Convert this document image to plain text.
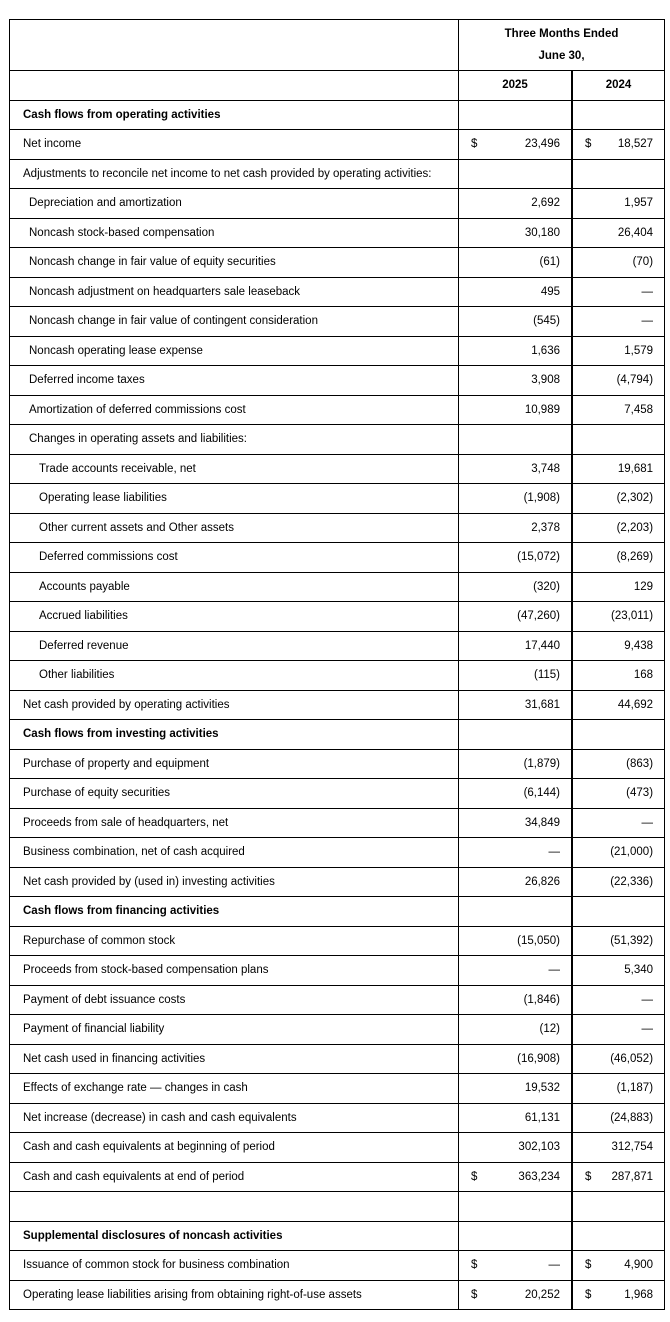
	Three Months Ended
June 30,	

	2025		2024
Cash flows from operating activities			
Net income	$ 23,496		$ 18,527
Adjustments to reconcile net income to net cash provided by operating activities:			
Depreciation and amortization	2,692		1,957
Noncash stock-based compensation	30,180		26,404
Noncash change in fair value of equity securities	(61)		(70)
Noncash adjustment on headquarters sale leaseback	495		—
Noncash change in fair value of contingent consideration	(545)		—
Noncash operating lease expense	1,636		1,579
Deferred income taxes	3,908		(4,794)
Amortization of deferred commissions cost	10,989		7,458
Changes in operating assets and liabilities:			
Trade accounts receivable, net	3,748		19,681
Operating lease liabilities	(1,908)		(2,302)
Other current assets and Other assets	2,378		(2,203)
Deferred commissions cost	(15,072)		(8,269)
Accounts payable	(320)		129
Accrued liabilities	(47,260)		(23,011)
Deferred revenue	17,440		9,438
Other liabilities	(115)		168
Net cash provided by operating activities	31,681		44,692
Cash flows from investing activities			
Purchase of property and equipment	(1,879)		(863)
Purchase of equity securities	(6,144)		(473)
Proceeds from sale of headquarters, net	34,849		—
Business combination, net of cash acquired	—		(21,000)
Net cash provided by (used in) investing activities	26,826		(22,336)
Cash flows from financing activities			
Repurchase of common stock	(15,050)		(51,392)
Proceeds from stock-based compensation plans	—		5,340
Payment of debt issuance costs	(1,846)		—
Payment of financial liability	(12)		—
Net cash used in financing activities	(16,908)		(46,052)
Effects of exchange rate — changes in cash	19,532		(1,187)
Net increase (decrease) in cash and cash equivalents	61,131		(24,883)
Cash and cash equivalents at beginning of period	302,103		312,754
Cash and cash equivalents at end of period	$ 363,234		$ 287,871

Supplemental disclosures of noncash activities			
Issuance of common stock for business combination	$ —		$ 4,900
Operating lease liabilities arising from obtaining right-of-use assets	$ 20,252		$ 1,968
